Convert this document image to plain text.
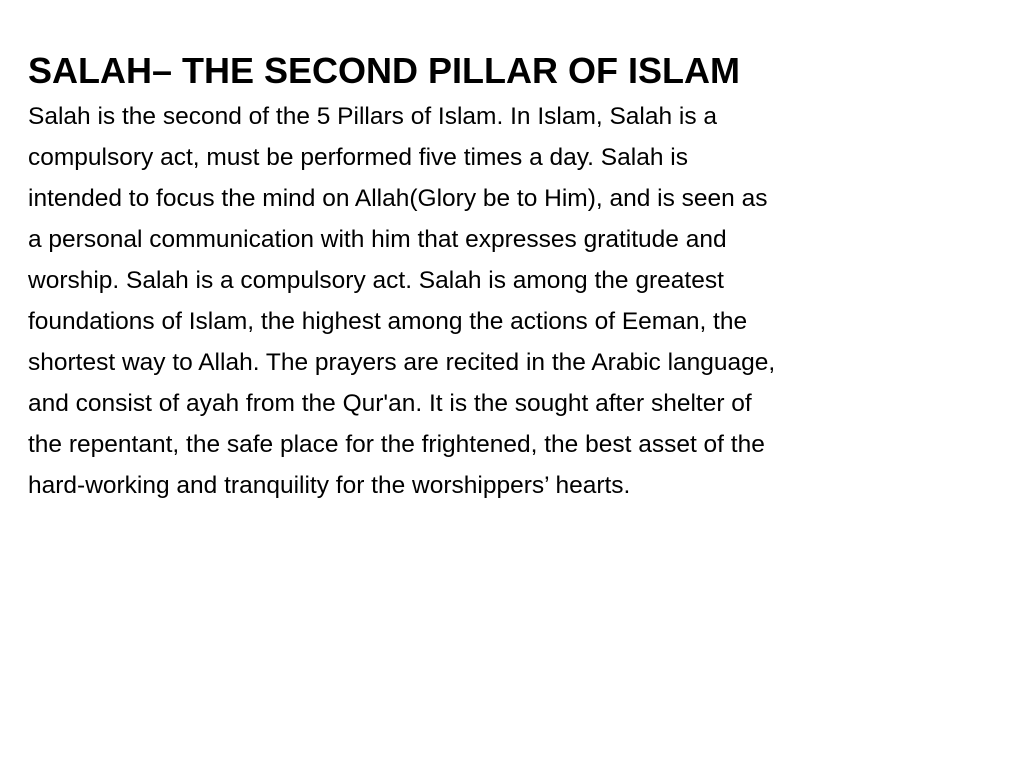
SALAH– THE SECOND PILLAR OF ISLAM

Salah is the second of the 5 Pillars of Islam. In Islam, Salah is a
compulsory act, must be performed five times a day. Salah is
intended to focus the mind on Allah(Glory be to Him), and is seen as
a personal communication with him that expresses gratitude and
worship. Salah is a compulsory act. Salah is among the greatest
foundations of Islam, the highest among the actions of Eeman, the
shortest way to Allah. The prayers are recited in the Arabic language,
and consist of ayah from the Qur'an. It is the sought after shelter of
the repentant, the safe place for the frightened, the best asset of the
hard-working and tranquility for the worshippers’ hearts.
